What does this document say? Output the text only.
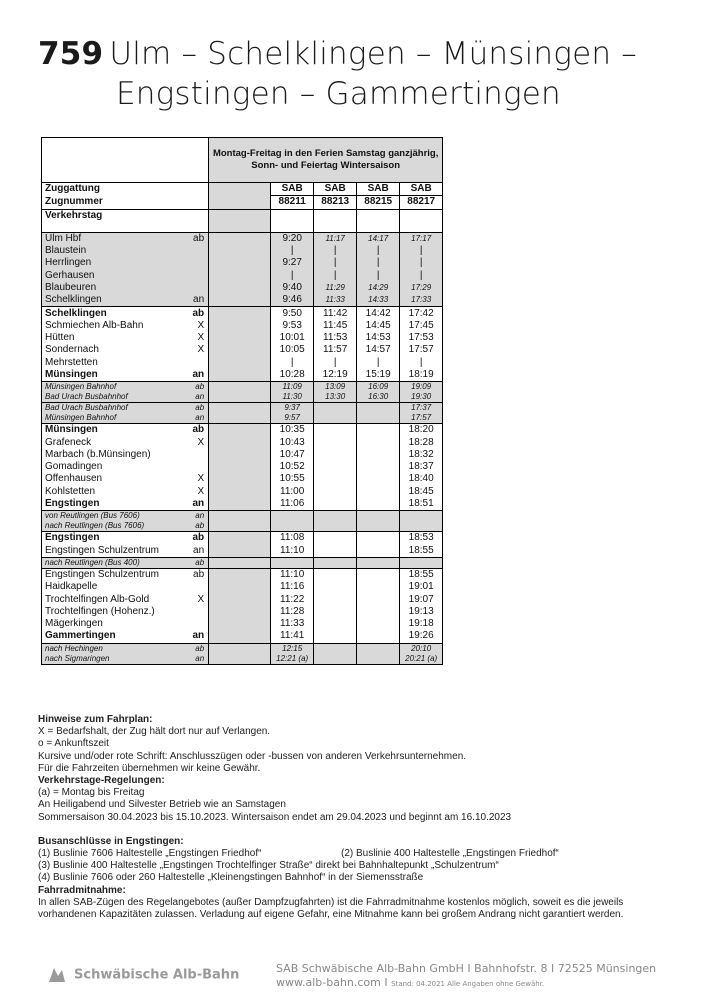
759 Ulm – Schelklingen – Münsingen –
Engstingen – Gammertingen
		Montag-Freitag in den Ferien Samstag ganzjährig, Sonn- und Feiertag Wintersaison				
Zuggattung			SAB	SAB	SAB	SAB
Zugnummer			88211	88213	88215	88217
Verkehrstag						
Ulm Hbf	ab		9:20	11:17	14:17	17:17
Blaustein			|	|	|	|
Herrlingen			9:27	|	|	|
Gerhausen			|	|	|	|
Blaubeuren			9:40	11:29	14:29	17:29
Schelklingen	an		9:46	11:33	14:33	17:33
Schelklingen	ab		9:50	11:42	14:42	17:42
Schmiechen Alb-Bahn	X		9:53	11:45	14:45	17:45
Hütten	X		10:01	11:53	14:53	17:53
Sondernach	X		10:05	11:57	14:57	17:57
Mehrstetten			|	|	|	|
Münsingen	an		10:28	12:19	15:19	18:19
Münsingen Bahnhof	ab		11:09	13:09	16:09	19:09
Bad Urach Busbahnhof	an		11:30	13:30	16:30	19:30
Bad Urach Busbahnhof	ab		9:37			17:37
Münsingen Bahnhof	an		9:57			17:57
Münsingen	ab		10:35			18:20
Grafeneck	X		10:43			18:28
Marbach (b.Münsingen)			10:47			18:32
Gomadingen			10:52			18:37
Offenhausen	X		10:55			18:40
Kohlstetten	X		11:00			18:45
Engstingen	an		11:06			18:51
von Reutlingen (Bus 7606)	an					
nach Reutlingen (Bus 7606)	ab					
Engstingen	ab		11:08			18:53
Engstingen Schulzentrum	an		11:10			18:55
nach Reutlingen (Bus 400)	ab					
Engstingen Schulzentrum	ab		11:10			18:55
Haidkapelle			11:16			19:01
Trochtelfingen Alb-Gold	X		11:22			19:07
Trochtelfingen (Hohenz.)			11:28			19:13
Mägerkingen			11:33			19:18
Gammertingen	an		11:41			19:26
nach Hechingen	ab		12:15			20:10
nach Sigmaringen	an		12:21 (a)			20:21 (a)
Hinweise zum Fahrplan:
X = Bedarfshalt, der Zug hält dort nur auf Verlangen.
o = Ankunftszeit
Kursive und/oder rote Schrift: Anschlusszügen oder -bussen von anderen Verkehrsunternehmen.
Für die Fahrzeiten übernehmen wir keine Gewähr.
Verkehrstage-Regelungen:
(a) = Montag bis Freitag
An Heiligabend und Silvester Betrieb wie an Samstagen
Sommersaison 30.04.2023 bis 15.10.2023. Wintersaison endet am 29.04.2023 und beginnt am 16.10.2023
Busanschlüsse in Engstingen:
(1) Buslinie 7606 Haltestelle „Engstingen Friedhof“	(2) Buslinie 400 Haltestelle „Engstingen Friedhof“
(3) Buslinie 400 Haltestelle „Engstingen Trochtelfinger Straße“ direkt bei Bahnhaltepunkt „Schulzentrum“
(4) Buslinie 7606 oder 260 Haltestelle „Kleinengstingen Bahnhof“ in der Siemensstraße
Fahrradmitnahme:
In allen SAB-Zügen des Regelangebotes (außer Dampfzugfahrten) ist die Fahrradmitnahme kostenlos möglich, soweit es die jeweils
vorhandenen Kapazitäten zulassen. Verladung auf eigene Gefahr, eine Mitnahme kann bei großem Andrang nicht garantiert werden.
Schwäbische Alb-Bahn	SAB Schwäbische Alb-Bahn GmbH I Bahnhofstr. 8 I 72525 Münsingen
www.alb-bahn.com I Stand: 04.2021 Alle Angaben ohne Gewähr.
